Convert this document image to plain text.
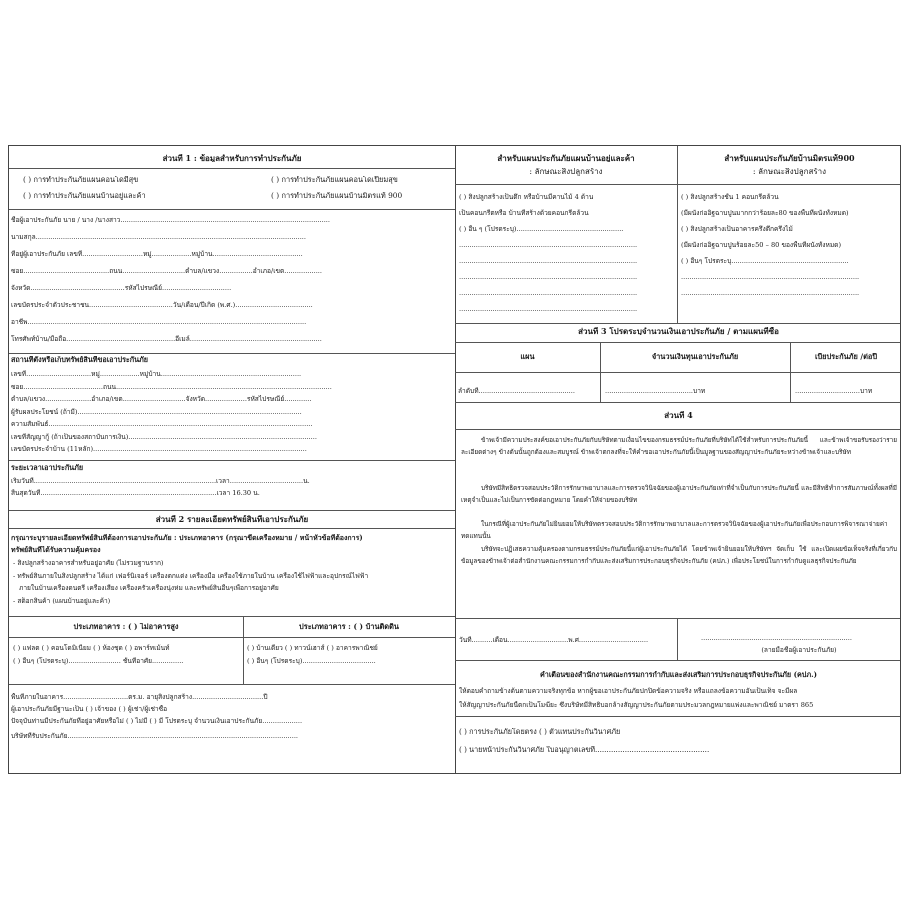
ส่วนที่ 1 : ข้อมูลสำหรับการทำประกันภัย
( ) การทำประกันภัยแผนคอนโดมีสุข	( ) การทำประกันภัยแผนคอนโดเปี่ยมสุข
( ) การทำประกันภัยแผนบ้านอยู่และค้า	( ) การทำประกันภัยแผนบ้านมิตรแท้ 900
ชื่อผู้เอาประกันภัย นาย / นาง /นางสาว....................................................................................................
นามสกุล.................................................................................................................................
ที่อยู่ผู้เอาประกันภัย เลขที่.............................หมู่...................หมู่บ้าน...........................................
ซอย.........................................ถนน..............................ตำบล/แขวง................อำเภอ/เขต..................
จังหวัด.............................................รหัสไปรษณีย์.................................
เลขบัตรประจำตัวประชาชน........................................วัน/เดือน/ปีเกิด (พ.ศ.).....................................
อาชีพ.....................................................................................................................................
โทรศัพท์บ้าน/มือถือ....................................................อีเมล์...............................................................
สถานที่ตั้งหรือเก็บทรัพย์สินที่ขอเอาประกันภัย
เลขที่...............................หมู่...................หมู่บ้าน...................................................................
ซอย......................................ถนน.......................................................................................................
ตำบล/แขวง......................อำเภอ/เขต..............................จังหวัด....................รหัสไปรษณีย์.............
ผู้รับผลประโยชน์ (ถ้ามี)...........................................................................................................
ความสัมพันธ์..............................................................................................................................
เลขที่สัญญากู้ (ถ้าเป็นของสถาบันการเงิน)..........................................................................................
เลขบัตรประจำบ้าน (11หลัก)......................................................................................................
ระยะเวลาเอาประกันภัย
เริ่มวันที่.......................................................................................เวลา...................................น.
สิ้นสุดวันที่....................................................................................เวลา 16.30 น.
ส่วนที่ 2 รายละเอียดทรัพย์สินที่เอาประกันภัย
กรุณาระบุรายละเอียดทรัพย์สินที่ต้องการเอาประกันภัย : ประเภทอาคาร (กรุณาขีดเครื่องหมาย / หน้าหัวข้อที่ต้องการ)
ทรัพย์สินที่ได้รับความคุ้มครอง
- สิ่งปลูกสร้างอาคารสำหรับอยู่อาศัย (ไม่รวมฐานราก)
- ทรัพย์สินภายในสิ่งปลูกสร้าง ได้แก่ เฟอร์นิเจอร์ เครื่องตกแต่ง เครื่องมือ เครื่องใช้ภายในบ้าน เครื่องใช้ไฟฟ้าและอุปกรณ์ไฟฟ้า
ภายในบ้านเครื่องดนตรี เครื่องเสียง เครื่องครัวเครื่องนุ่งห่ม และทรัพย์สินอื่นๆเพื่อการอยู่อาศัย
- สต็อกสินค้า (แผนบ้านอยู่และค้า)
ประเภทอาคาร : ( ) ไม่อาคารสูง	ประเภทอาคาร : ( ) บ้านติดดิน
( ) แฟลต ( ) คอนโดมิเนียม ( ) ห้องชุด ( ) อพาร์ทเม้นท์
( ) อื่นๆ (โปรดระบุ)......................... ชั้นที่อาศัย...............
( ) บ้านเดี่ยว ( ) ทาวน์เฮาส์ ( ) อาคารพาณิชย์
( ) อื่นๆ (โปรดระบุ)...................................
พื้นที่ภายในอาคาร...............................ตร.ม. อายุสิ่งปลูกสร้าง..................................ปี
ผู้เอาประกันภัยมีฐานะเป็น ( ) เจ้าของ ( ) ผู้เช่า/ผู้เช่าซื้อ
ปัจจุบันท่านมีประกันภัยที่อยู่อาศัยหรือไม่ ( ) ไม่มี ( ) มี โปรดระบุ จำนวนเงินเอาประกันภัย...................
บริษัทที่รับประกันภัย..............................................................................................................
สำหรับแผนประกันภัยแผนบ้านอยู่และค้า
: ลักษณะสิ่งปลูกสร้าง
สำหรับแผนประกันภัยบ้านมิตรแท้900
: ลักษณะสิ่งปลูกสร้าง
( ) สิ่งปลูกสร้างเป็นตึก หรือบ้านมีคานไม้ 4 ด้าน
เป็นคอนกรีตหรือ บ้านที่สร้างด้วยคอนกรีตล้วน
( ) อื่น ๆ (โปรดระบุ)...................................................
.....................................................................................
.....................................................................................
.....................................................................................
.....................................................................................
.....................................................................................
( ) สิ่งปลูกสร้างชั้น 1 คอนกรีตล้วน
(มีผนังก่ออิฐฉาบปูนมากกว่าร้อยละ80 ของพื้นที่ผนังทั้งหมด)
( ) สิ่งปลูกสร้างเป็นอาคารครึ่งตึกครึ่งไม้
(มีผนังก่ออิฐฉาบปูนร้อยละ50 – 80 ของพื้นที่ผนังทั้งหมด)
( ) อื่นๆ โปรดระบุ........................................................
.....................................................................................
.....................................................................................
ส่วนที่ 3 โปรดระบุจำนวนเงินเอาประกันภัย / ตามแผนที่ซื้อ
แผน	จำนวนเงินทุนเอาประกันภัย	เบี้ยประกันภัย /ต่อปี
ลำดับที่..............................................	..........................................บาท	...............................บาท
ส่วนที่ 4
ข้าพเจ้ามีความประสงค์ขอเอาประกันภัยกับบริษัทตามเงื่อนไขของกรมธรรม์ประกันภัยที่บริษัทได้ใช้สำหรับการประกันภัยนี้ และข้าพเจ้าขอรับรองว่ารายละเอียดต่างๆ ข้างต้นนั้นถูกต้องและสมบูรณ์ ข้าพเจ้าตกลงที่จะให้คำขอเอาประกันภัยนี้เป็นมูลฐานของสัญญาประกันภัยระหว่างข้าพเจ้าและบริษัท
บริษัทมีสิทธิตรวจสอบประวัติการรักษาพยาบาลและการตรวจวินิจฉัยของผู้เอาประกันภัยเท่าที่จำเป็นกับการประกันภัยนี้ และมีสิทธิทำการสัมภาษณ์ทั้งผลที่มีเหตุจำเป็นและไม่เป็นการขัดต่อกฎหมาย โดยคำให้จ่ายของบริษัท
ในกรณีที่ผู้เอาประกันภัยไม่ยินยอมให้บริษัทตรวจสอบประวัติการรักษาพยาบาลและการตรวจวินิจฉัยของผู้เอาประกันภัยเพื่อประกอบการพิจารณาจ่ายค่าทดแทนนั้น
บริษัทจะปฏิเสธความคุ้มครองตามกรมธรรม์ประกันภัยนี้แก่ผู้เอาประกันภัยได้ โดยข้าพเจ้ายินยอมให้บริษัทฯ จัดเก็บ ใช้ และเปิดเผยข้อเท็จจริงที่เกี่ยวกับข้อมูลของข้าพเจ้าต่อสำนักงานคณะกรรมการกำกับและส่งเสริมการประกอบธุรกิจประกันภัย (คปภ.) เพื่อประโยชน์ในการกำกับดูแลธุรกิจประกันภัย
วันที่..........เดือน.............................พ.ศ.................................	........................................................................
(ลายมือชื่อผู้เอาประกันภัย)
คำเตือนของสำนักงานคณะกรรมการกำกับและส่งเสริมการประกอบธุรกิจประกันภัย (คปภ.)
ให้ตอบคำถามข้างต้นตามความจริงทุกข้อ หากผู้ขอเอาประกันภัยปกปิดข้อความจริง หรือแถลงข้อความอันเป็นเท็จ จะมีผล
ให้สัญญาประกันภัยนี้ตกเป็นโมฆียะ ซึ่งบริษัทมีสิทธิบอกล้างสัญญาประกันภัยตามประมวลกฎหมายแพ่งและพาณิชย์ มาตรา 865
( ) การประกันภัยโดยตรง ( ) ตัวแทนประกันวินาศภัย
( ) นายหน้าประกันวินาศภัย ใบอนุญาตเลขที่..................................................
